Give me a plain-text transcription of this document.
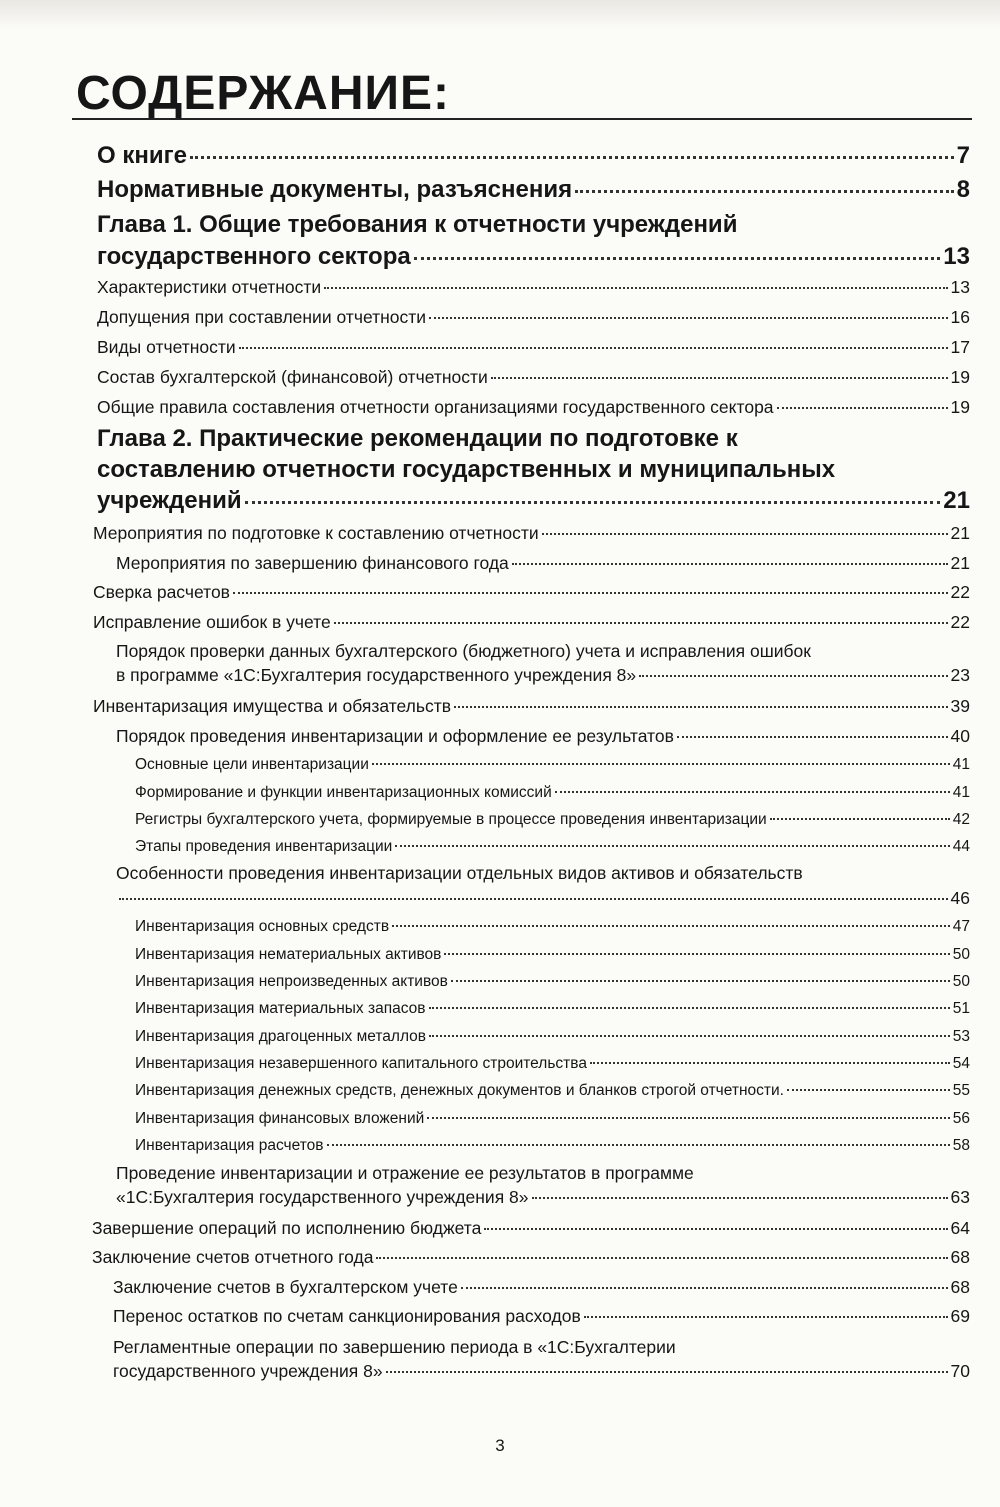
СОДЕРЖАНИЕ:
О книге	7
Нормативные документы, разъяснения	8
Глава 1. Общие требования к отчетности учреждений
государственного сектора	13
Характеристики отчетности	13
Допущения при составлении отчетности	16
Виды отчетности	17
Состав бухгалтерской (финансовой) отчетности	19
Общие правила составления отчетности организациями государственного сектора	19
Глава 2. Практические рекомендации по подготовке к
составлению отчетности государственных и муниципальных
учреждений	21
Мероприятия по подготовке к составлению отчетности	21
Мероприятия по завершению финансового года	21
Сверка расчетов	22
Исправление ошибок в учете	22
Порядок проверки данных бухгалтерского (бюджетного) учета и исправления ошибок
в программе «1С:Бухгалтерия государственного учреждения 8»	23
Инвентаризация имущества и обязательств	39
Порядок проведения инвентаризации и оформление ее результатов	40
Основные цели инвентаризации	41
Формирование и функции инвентаризационных комиссий	41
Регистры бухгалтерского учета, формируемые в процессе проведения инвентаризации	42
Этапы проведения инвентаризации	44
Особенности проведения инвентаризации отдельных видов активов и обязательств
46
Инвентаризация основных средств	47
Инвентаризация нематериальных активов	50
Инвентаризация непроизведенных активов	50
Инвентаризация материальных запасов	51
Инвентаризация драгоценных металлов	53
Инвентаризация незавершенного капитального строительства	54
Инвентаризация денежных средств, денежных документов и бланков строгой отчетности.	55
Инвентаризация финансовых вложений	56
Инвентаризация расчетов	58
Проведение инвентаризации и отражение ее результатов в программе
«1С:Бухгалтерия государственного учреждения 8»	63
Завершение операций по исполнению бюджета	64
Заключение счетов отчетного года	68
Заключение счетов в бухгалтерском учете	68
Перенос остатков по счетам санкционирования расходов	69
Регламентные операции по завершению периода в «1С:Бухгалтерии
государственного учреждения 8»	70
3
